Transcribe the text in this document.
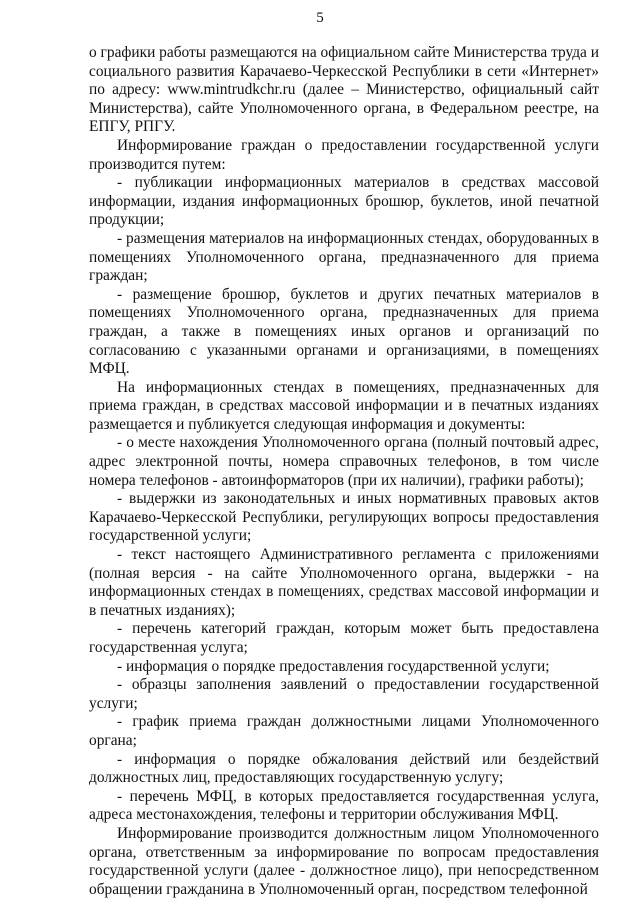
5

о графики работы размещаются на официальном сайте Министерства труда и социального развития Карачаево-Черкесской Республики в сети «Интернет» по адресу: www.mintrudkchr.ru (далее – Министерство, официальный сайт Министерства), сайте Уполномоченного органа, в Федеральном реестре, на ЕПГУ, РПГУ.

Информирование граждан о предоставлении государственной услуги производится путем:

- публикации информационных материалов в средствах массовой информации, издания информационных брошюр, буклетов, иной печатной продукции;

- размещения материалов на информационных стендах, оборудованных в помещениях Уполномоченного органа, предназначенного для приема граждан;

- размещение брошюр, буклетов и других печатных материалов в помещениях Уполномоченного органа, предназначенных для приема граждан, а также в помещениях иных органов и организаций по согласованию с указанными органами и организациями, в помещениях МФЦ.

На информационных стендах в помещениях, предназначенных для приема граждан, в средствах массовой информации и в печатных изданиях размещается и публикуется следующая информация и документы:

- о месте нахождения Уполномоченного органа (полный почтовый адрес, адрес электронной почты, номера справочных телефонов, в том числе номера телефонов - автоинформаторов (при их наличии), графики работы);

- выдержки из законодательных и иных нормативных правовых актов Карачаево-Черкесской Республики, регулирующих вопросы предоставления государственной услуги;

- текст настоящего Административного регламента с приложениями (полная версия - на сайте Уполномоченного органа, выдержки - на информационных стендах в помещениях, средствах массовой информации и в печатных изданиях);

- перечень категорий граждан, которым может быть предоставлена государственная услуга;

- информация о порядке предоставления государственной услуги;

- образцы заполнения заявлений о предоставлении государственной услуги;

- график приема граждан должностными лицами Уполномоченного органа;

- информация о порядке обжалования действий или бездействий должностных лиц, предоставляющих государственную услугу;

- перечень МФЦ, в которых предоставляется государственная услуга, адреса местонахождения, телефоны и территории обслуживания МФЦ.

Информирование производится должностным лицом Уполномоченного органа, ответственным за информирование по вопросам предоставления государственной услуги (далее - должностное лицо), при непосредственном обращении гражданина в Уполномоченный орган, посредством телефонной
